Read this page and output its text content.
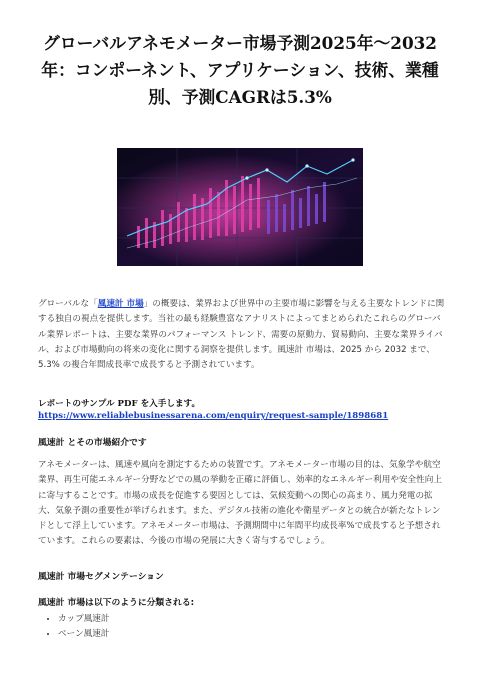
グローバルアネモメーター市場予測2025年〜2032年：コンポーネント、アプリケーション、技術、業種別、予測CAGRは5.3%

グローバルな「風速計 市場」の概要は、業界および世界中の主要市場に影響を与える主要なトレンドに関する独自の視点を提供します。当社の最も経験豊富なアナリストによってまとめられたこれらのグローバル業界レポートは、主要な業界のパフォーマンス トレンド、需要の原動力、貿易動向、主要な業界ライバル、および市場動向の将来の変化に関する洞察を提供します。風速計 市場は、2025 から 2032 まで、5.3% の複合年間成長率で成長すると予測されています。

レポートのサンプル PDF を入手します。 https://www.reliablebusinessarena.com/enquiry/request-sample/1898681

風速計 とその市場紹介です

アネモメーターは、風速や風向を測定するための装置です。アネモメーター市場の目的は、気象学や航空業界、再生可能エネルギー分野などでの風の挙動を正確に評価し、効率的なエネルギー利用や安全性向上に寄与することです。市場の成長を促進する要因としては、気候変動への関心の高まり、風力発電の拡大、気象予測の重要性が挙げられます。また、デジタル技術の進化や衛星データとの統合が新たなトレンドとして浮上しています。アネモメーター市場は、予測期間中に年間平均成長率%で成長すると予想されています。これらの要素は、今後の市場の発展に大きく寄与するでしょう。

風速計 市場セグメンテーション
風速計 市場は以下のように分類される:
• カップ風速計
• ベーン風速計
